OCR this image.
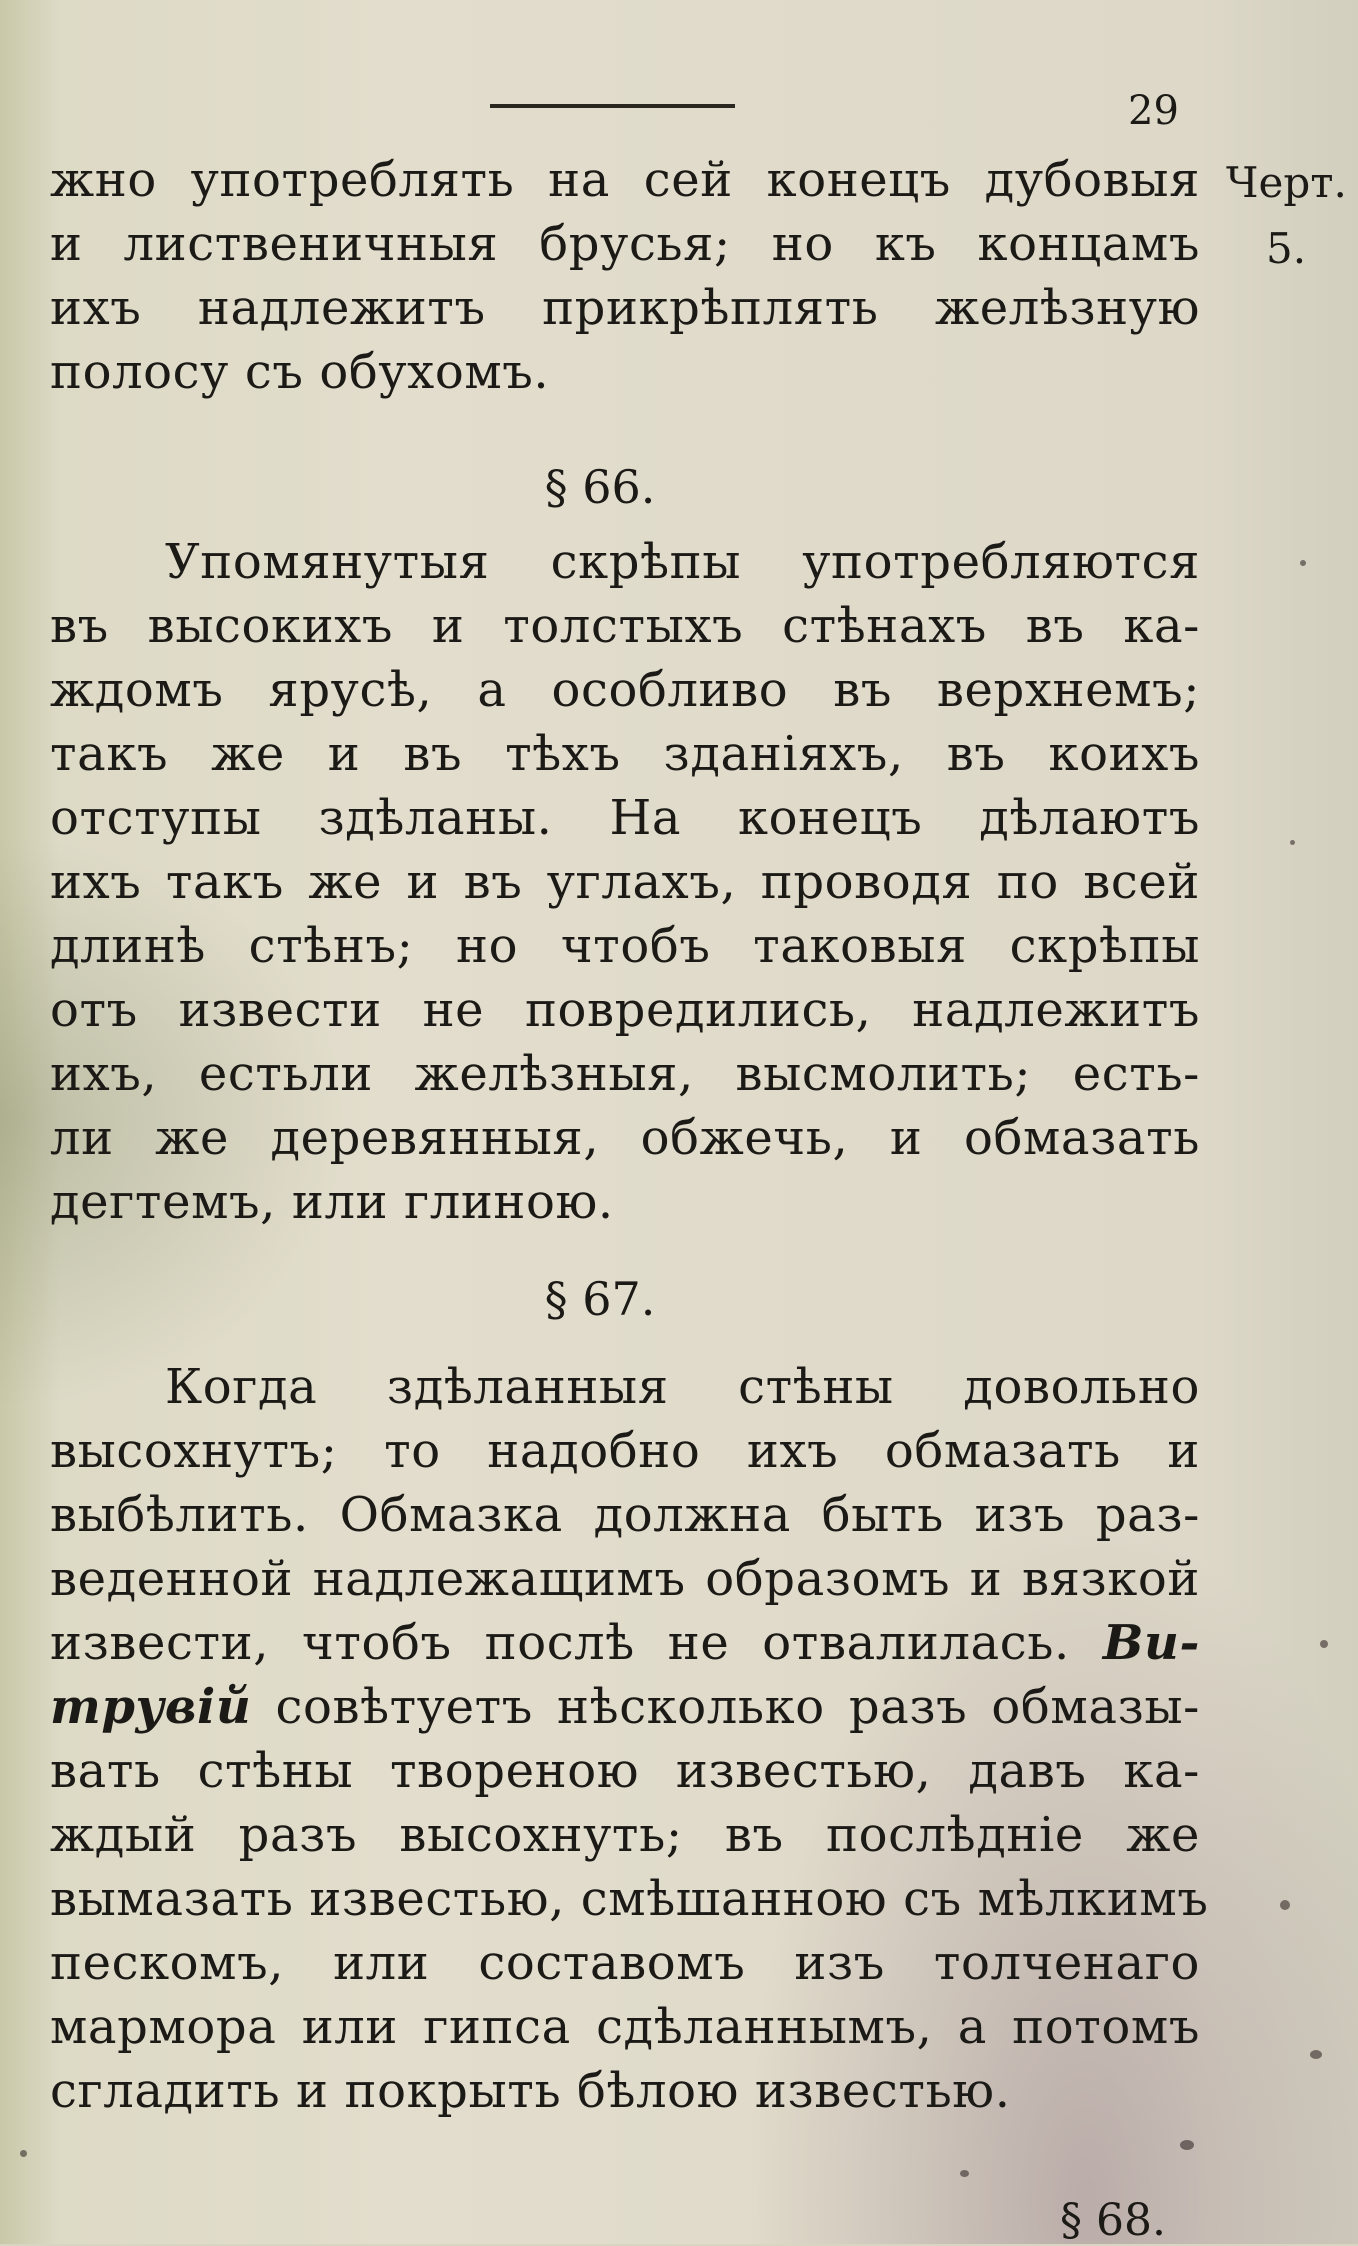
29
Черт.
5.
жно употреблять на сей конецъ дубовыя
и лиственичныя брусья; но къ концамъ
ихъ надлежитъ прикрѣплять желѣзную
полосу съ обухомъ.
§ 66.
Упомянутыя скрѣпы употребляются
въ высокихъ и толстыхъ стѣнахъ въ ка-
ждомъ ярусѣ, а особливо въ верхнемъ;
такъ же и въ тѣхъ зданіяхъ, въ коихъ
отступы здѣланы. На конецъ дѣлаютъ
ихъ такъ же и въ углахъ, проводя по всей
длинѣ стѣнъ; но чтобъ таковыя скрѣпы
отъ извести не повредились, надлежитъ
ихъ, естьли желѣзныя, высмолить; есть-
ли же деревянныя, обжечь, и обмазать
дегтемъ, или глиною.
§ 67.
Когда здѣланныя стѣны довольно
высохнутъ; то надобно ихъ обмазать и
выбѣлить. Обмазка должна быть изъ раз-
веденной надлежащимъ образомъ и вязкой
извести, чтобъ послѣ не отвалилась. Ви-
трувій совѣтуетъ нѣсколько разъ обмазы-
вать стѣны твореною известью, давъ ка-
ждый разъ высохнуть; въ послѣдніе же
вымазать известью, смѣшанною съ мѣлкимъ
пескомъ, или составомъ изъ толченаго
мармора или гипса сдѣланнымъ, а потомъ
сгладить и покрыть бѣлою известью.
§ 68.
